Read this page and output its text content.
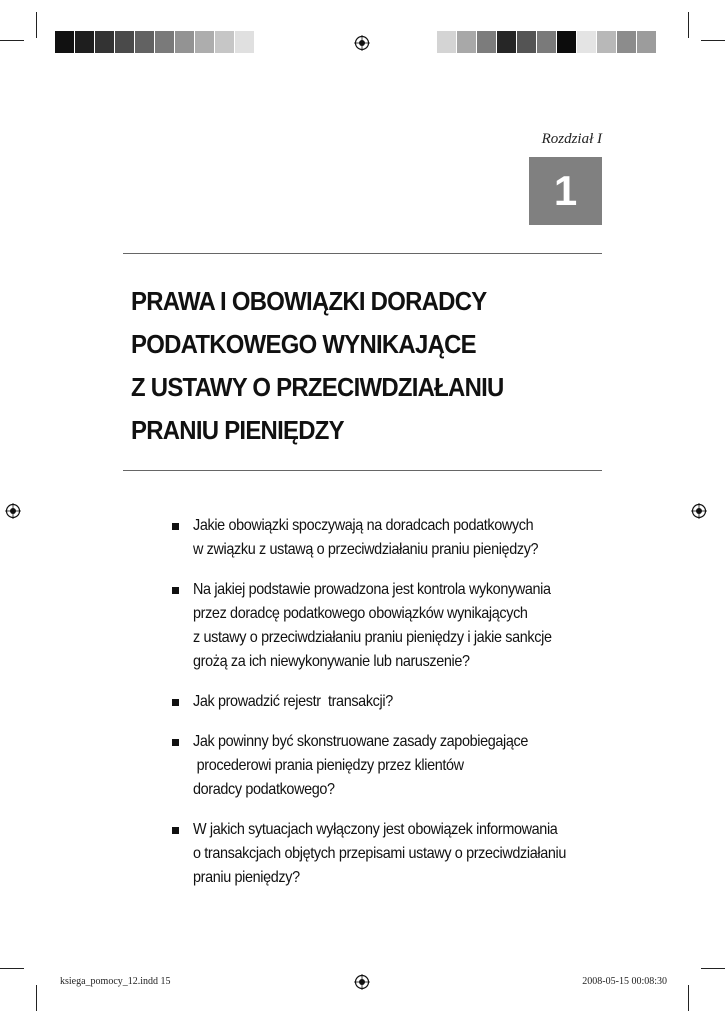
Rozdział I
1
PRAWA I OBOWIĄZKI DORADCY
PODATKOWEGO WYNIKAJĄCE
Z USTAWY O PRZECIWDZIAŁANIU
PRANIU PIENIĘDZY
Jakie obowiązki spoczywają na doradcach podatkowych
w związku z ustawą o przeciwdziałaniu praniu pieniędzy?
Na jakiej podstawie prowadzona jest kontrola wykonywania
przez doradcę podatkowego obowiązków wynikających
z ustawy o przeciwdziałaniu praniu pieniędzy i jakie sankcje
grożą za ich niewykonywanie lub naruszenie?
Jak prowadzić rejestr  transakcji?
Jak powinny być skonstruowane zasady zapobiegające
procederowi prania pieniędzy przez klientów
doradcy podatkowego?
W jakich sytuacjach wyłączony jest obowiązek informowania
o transakcjach objętych przepisami ustawy o przeciwdziałaniu
praniu pieniędzy?
ksiega_pomocy_12.indd 15	2008-05-15 00:08:30
